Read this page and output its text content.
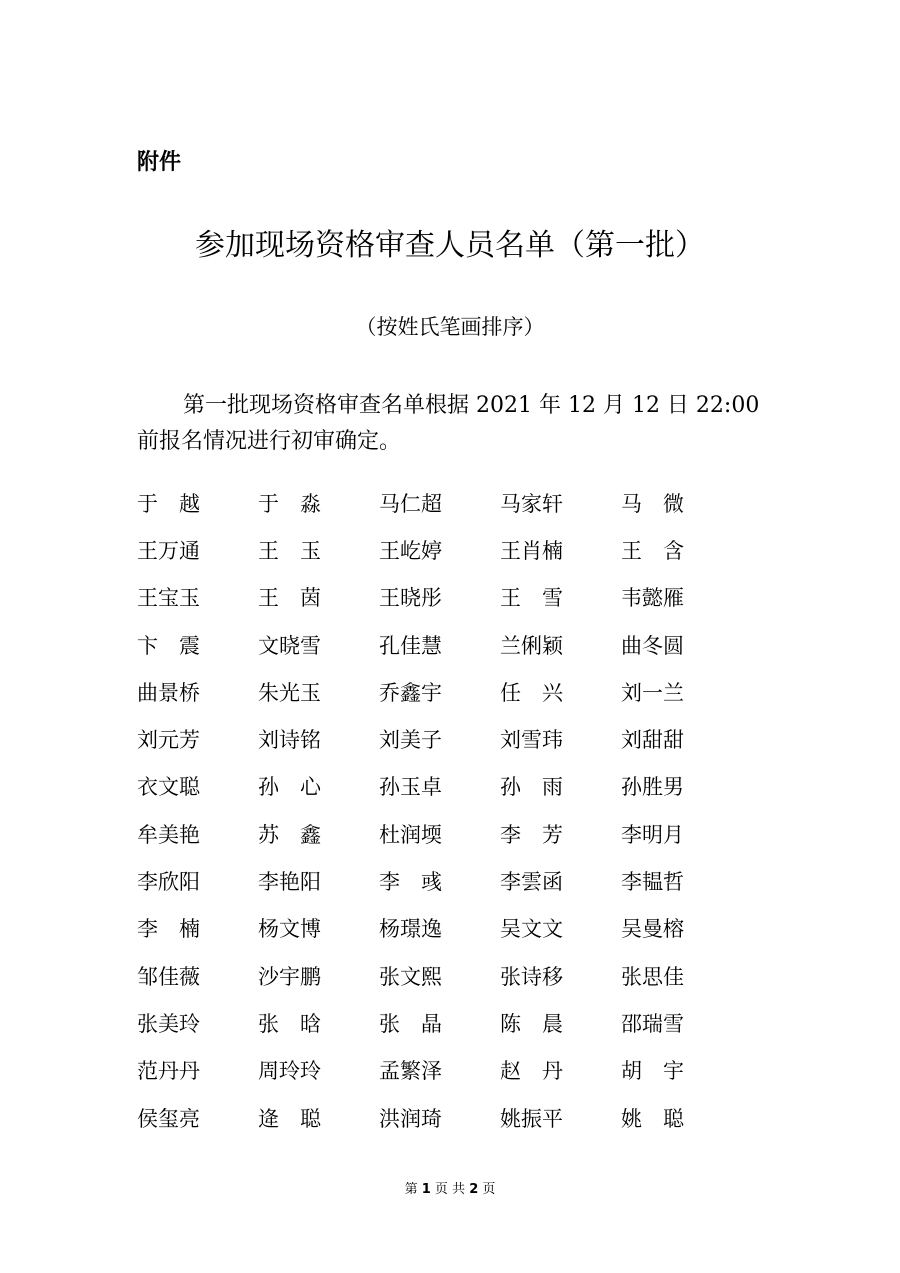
附件
参加现场资格审查人员名单（第一批）
（按姓氏笔画排序）

第一批现场资格审查名单根据 2021 年 12 月 12 日 22:00 前报名情况进行初审确定。

于　越	于　淼	马仁超	马家轩	马　微
王万通	王　玉	王屹婷	王肖楠	王　含
王宝玉	王　茵	王晓彤	王　雪	韦懿雁
卞　震	文晓雪	孔佳慧	兰俐颖	曲冬圆
曲景桥	朱光玉	乔鑫宇	任　兴	刘一兰
刘元芳	刘诗铭	刘美子	刘雪玮	刘甜甜
衣文聪	孙　心	孙玉卓	孙　雨	孙胜男
牟美艳	苏　鑫	杜润堧	李　芳	李明月
李欣阳	李艳阳	李　彧	李雲函	李韫哲
李　楠	杨文博	杨璟逸	吴文文	吴曼榕
邹佳薇	沙宇鹏	张文熙	张诗移	张思佳
张美玲	张　晗	张　晶	陈　晨	邵瑞雪
范丹丹	周玲玲	孟繁泽	赵　丹	胡　宇
侯玺亮	逄　聪	洪润琦	姚振平	姚　聪
第 1 页 共 2 页
